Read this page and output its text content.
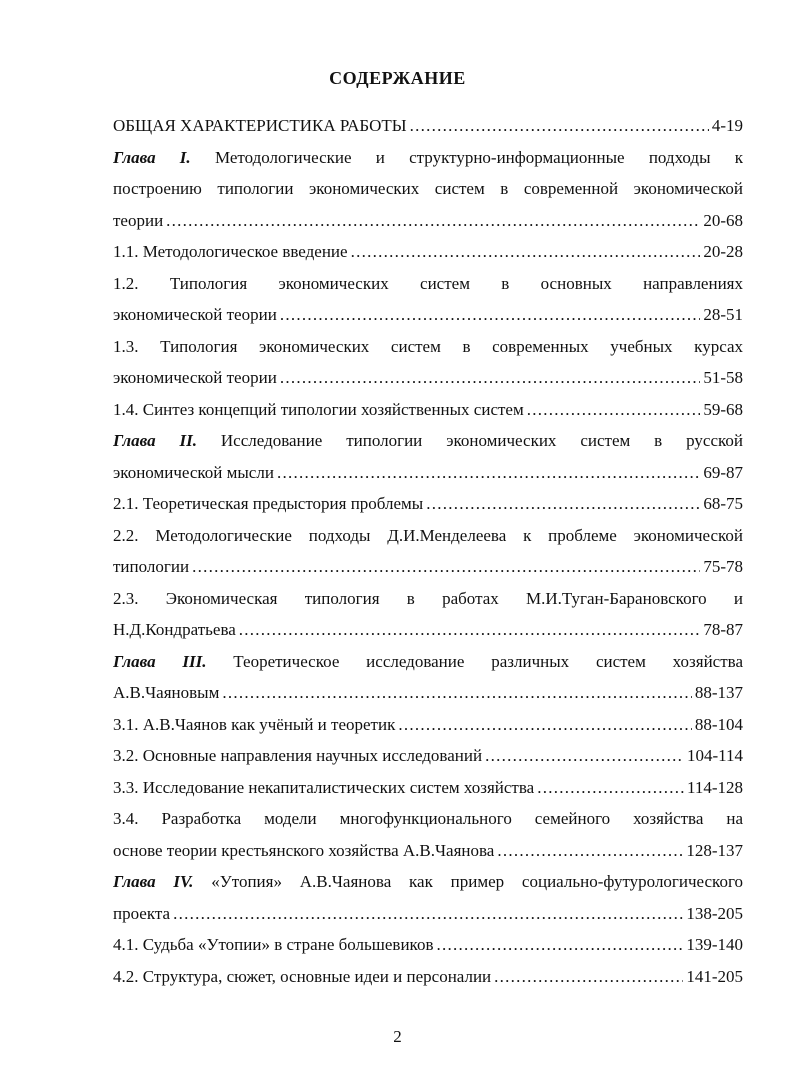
СОДЕРЖАНИЕ
ОБЩАЯ ХАРАКТЕРИСТИКА РАБОТЫ . . .	4-19
Глава I. Методологические и структурно-информационные подходы к
построению типологии экономических систем в современной экономической
теории . . .	20-68
1.1. Методологическое введение . . .	20-28
1.2. Типология экономических систем в основных направлениях
экономической теории . . .	28-51
1.3. Типология экономических систем в современных учебных курсах
экономической теории . . .	51-58
1.4. Синтез концепций типологии хозяйственных систем . . .	59-68
Глава II. Исследование типологии экономических систем в русской
экономической мысли . . .	69-87
2.1. Теоретическая предыстория проблемы . . .	68-75
2.2. Методологические подходы Д.И.Менделеева к проблеме экономической
типологии . . .	75-78
2.3. Экономическая типология в работах М.И.Туган-Барановского и
Н.Д.Кондратьева . . .	78-87
Глава III. Теоретическое исследование различных систем хозяйства
А.В.Чаяновым . . .	88-137
3.1. А.В.Чаянов как учёный и теоретик . . .	88-104
3.2. Основные направления научных исследований . . .	104-114
3.3. Исследование некапиталистических систем хозяйства . . .	114-128
3.4. Разработка модели многофункционального семейного хозяйства на
основе теории крестьянского хозяйства А.В.Чаянова . . .	128-137
Глава IV. «Утопия» А.В.Чаянова как пример социально-футурологического
проекта . . .	138-205
4.1. Судьба «Утопии» в стране большевиков . . .	139-140
4.2. Структура, сюжет, основные идеи и персоналии . . .	141-205
2
